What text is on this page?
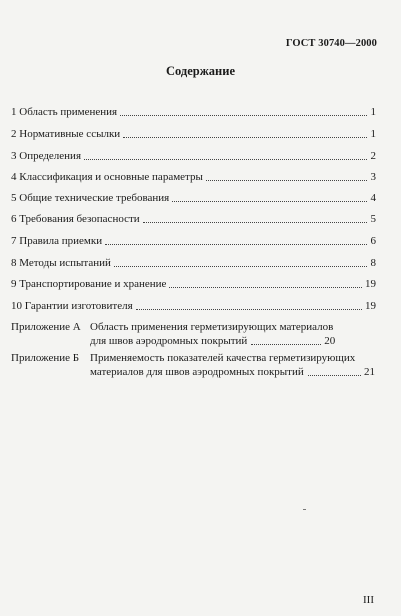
ГОСТ 30740—2000
Содержание
1 Область применения	1
2 Нормативные ссылки	1
3 Определения	2
4 Классификация и основные параметры	3
5 Общие технические требования	4
6 Требования безопасности	5
7 Правила приемки	6
8 Методы испытаний	8
9 Транспортирование и хранение	19
10 Гарантии изготовителя	19
Приложение А Область применения герметизирующих материалов
для швов аэродромных покрытий	20
Приложение Б Применяемость показателей качества герметизирующих
материалов для швов аэродромных покрытий	21
III
